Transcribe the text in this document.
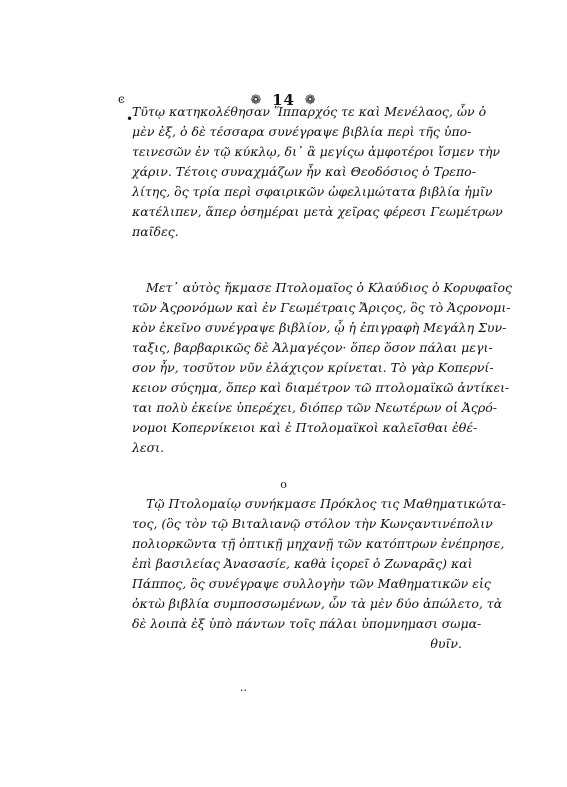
ͼ	❁ 14 ❁
•
Τῦτῳ κατηκολέθησαν Ἵππαρχός τε καὶ Μενέλαος, ὧν ὁ
μὲν ἐξ, ὁ δὲ τέσσαρα συνέγραψε βιβλία περὶ τῆς ὑπο-
τεινεσῶν ἐν τῷ κύκλῳ, δι᾽ ἃ μεγίςω ἀμφοτέροι ἴσμεν τὴν
χάριν. Τέτοις συναχμάζων ἦν καὶ Θεοδόσιος ὁ Τρεπο-
λίτης, ὃς τρία περὶ σφαιρικῶν ὠφελιμώτατα βιβλία ἡμῖν
κατέλιπεν, ἅπερ ὁσημέραι μετὰ χεῖρας φέρεσι Γεωμέτρων
παῖδες.
Μετ᾽ αὐτὸς ἤκμασε Πτολομαῖος ὁ Κλαύδιος ὁ Κορυφαῖος
τῶν Ἀςρονόμων καὶ ἐν Γεωμέτραις Ἄριςος, ὃς τὸ Ἀςρονομι-
κὸν ἐκεῖνο συνέγραψε βιβλίον, ᾧ ἡ ἐπιγραφὴ Μεγάλη Συν-
ταξις, βαρβαρικῶς δὲ Ἀλμαγέςον· ὅπερ ὅσον πάλαι μεγι-
σον ἦν, τοσῦτον νῦν ἐλάχιςον κρίνεται. Τὸ γὰρ Κοπερνί-
κειον σύςημα, ὅπερ καὶ διαμέτρον τῶ πτολομαϊκῶ ἀντίκει-
ται πολὺ ἐκείνε ὑπερέχει, διόπερ τῶν Νεωτέρων οἱ Ἀςρό-
νομοι Κοπερνίκειοι καὶ ἐ Πτολομαϊκοὶ καλεῖσθαι ἐθέ-
λεσι.
Τῷ Πτολομαίῳ συνήκμασε Πρόκλος τις Μαθηματικώτα-
τος, (ὃς τὸν τῷ Βιταλιανῷ στόλον τὴν Κωνςαντινέπολιν
πολιορκῶντα τῇ ὀπτικῇ μηχανῇ τῶν κατόπτρων ἐνέπρησε,
ἐπὶ βασιλείας Ἀνασασίε, καθὰ ἱςορεῖ ὁ Ζωναρᾶς) καὶ
Πάππος, ὃς συνέγραψε συλλογὴν τῶν Μαθηματικῶν εἰς
ὀκτὼ βιβλία συμποσσωμένων, ὧν τὰ μὲν δύο ἀπώλετο, τὰ
δὲ λοιπὰ ἐξ ὑπὸ πάντων τοῖς πάλαι ὑπομνημασι σωμα-
θυῖν.
o
··
